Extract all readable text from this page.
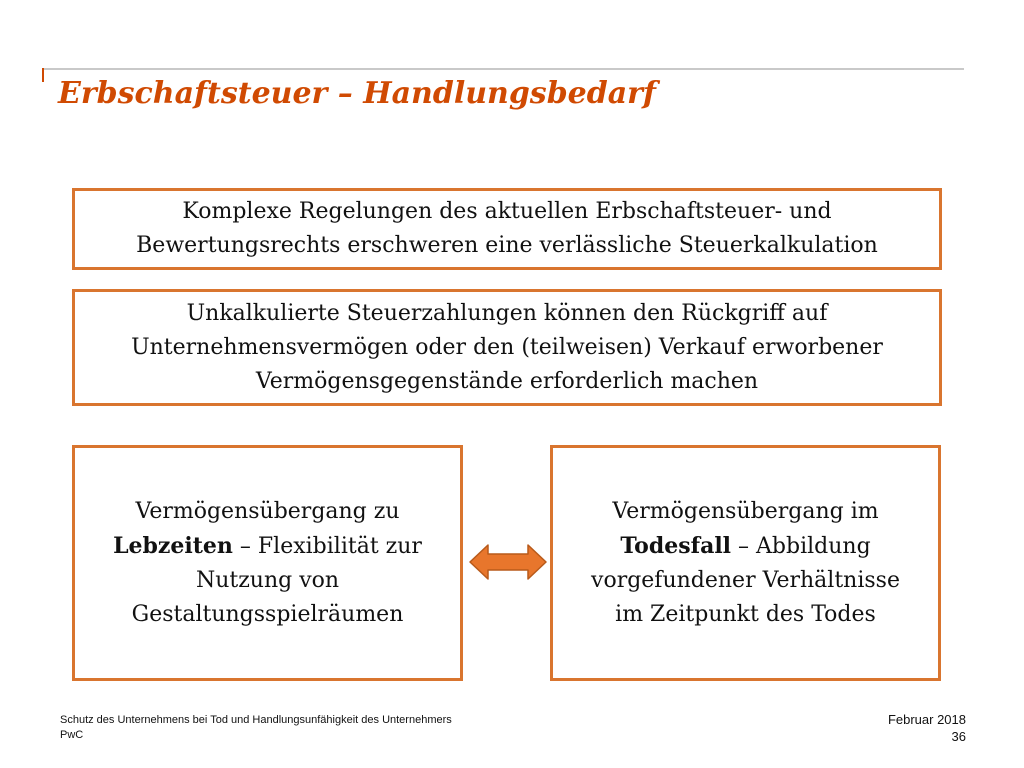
Erbschaftsteuer – Handlungsbedarf
Komplexe Regelungen des aktuellen Erbschaftsteuer- und
Bewertungsrechts erschweren eine verlässliche Steuerkalkulation
Unkalkulierte Steuerzahlungen können den Rückgriff auf
Unternehmensvermögen oder den (teilweisen) Verkauf erworbener
Vermögensgegenstände erforderlich machen
Vermögensübergang zu
Lebzeiten – Flexibilität zur
Nutzung von
Gestaltungsspielräumen
Vermögensübergang im
Todesfall – Abbildung
vorgefundener Verhältnisse
im Zeitpunkt des Todes
Schutz des Unternehmens bei Tod und Handlungsunfähigkeit des Unternehmers
PwC
Februar 2018
36
